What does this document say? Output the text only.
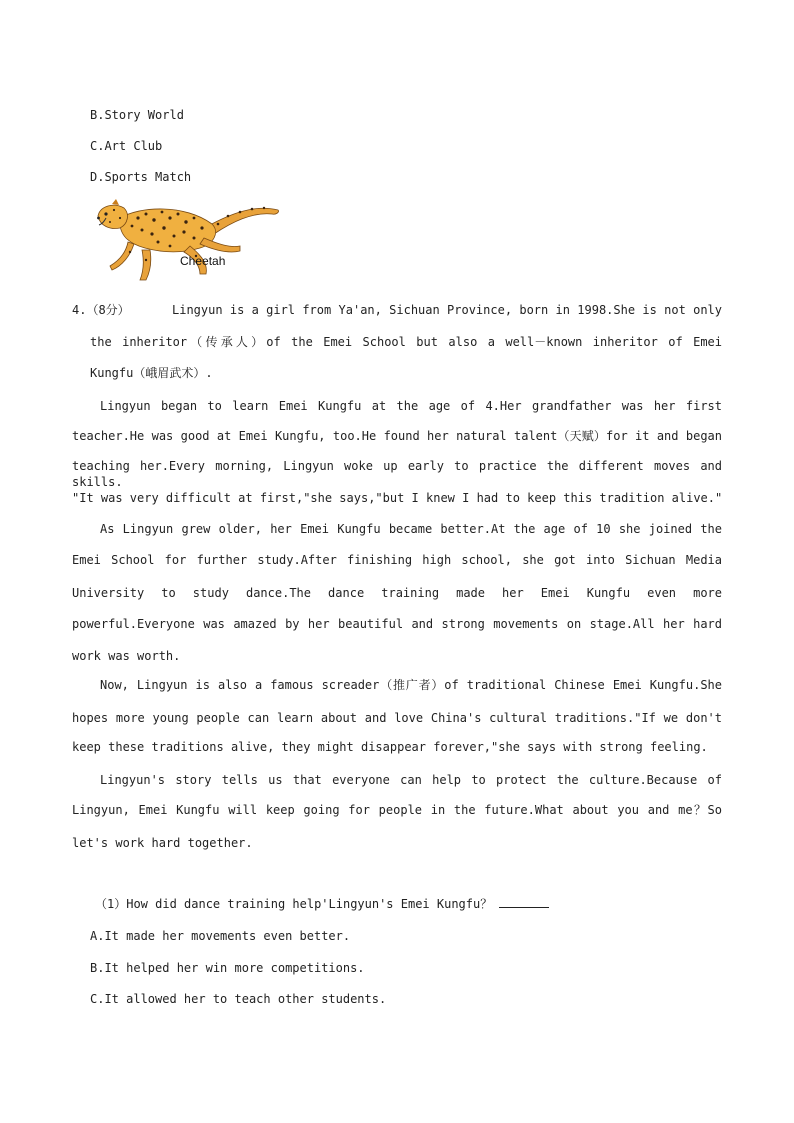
B.Story World
C.Art Club
D.Sports Match
Cheetah
4.（8分）	Lingyun is a girl from Ya'an, Sichuan Province, born in 1998.She is not only
the inheritor（传承人）of the Emei School but also a well－known inheritor of Emei
Kungfu（峨眉武术）.
Lingyun began to learn Emei Kungfu at the age of 4.Her grandfather was her first
teacher.He was good at Emei Kungfu, too.He found her natural talent（天赋）for it and began
teaching her.Every morning, Lingyun woke up early to practice the different moves and skills.
"It was very difficult at first,"she says,"but I knew I had to keep this tradition alive."
As Lingyun grew older, her Emei Kungfu became better.At the age of 10 she joined the
Emei School for further study.After finishing high school, she got into Sichuan Media
University to study dance.The dance training made her Emei Kungfu even more
powerful.Everyone was amazed by her beautiful and strong movements on stage.All her hard
work was worth.
Now, Lingyun is also a famous screader（推广者）of traditional Chinese Emei Kungfu.She
hopes more young people can learn about and love China's cultural traditions."If we don't
keep these traditions alive, they might disappear forever,"she says with strong feeling.
Lingyun's story tells us that everyone can help to protect the culture.Because of
Lingyun, Emei Kungfu will keep going for people in the future.What about you and me？So
let's work hard together.
（1）How did dance training help'Lingyun's Emei Kungfu？
A.It made her movements even better.
B.It helped her win more competitions.
C.It allowed her to teach other students.
